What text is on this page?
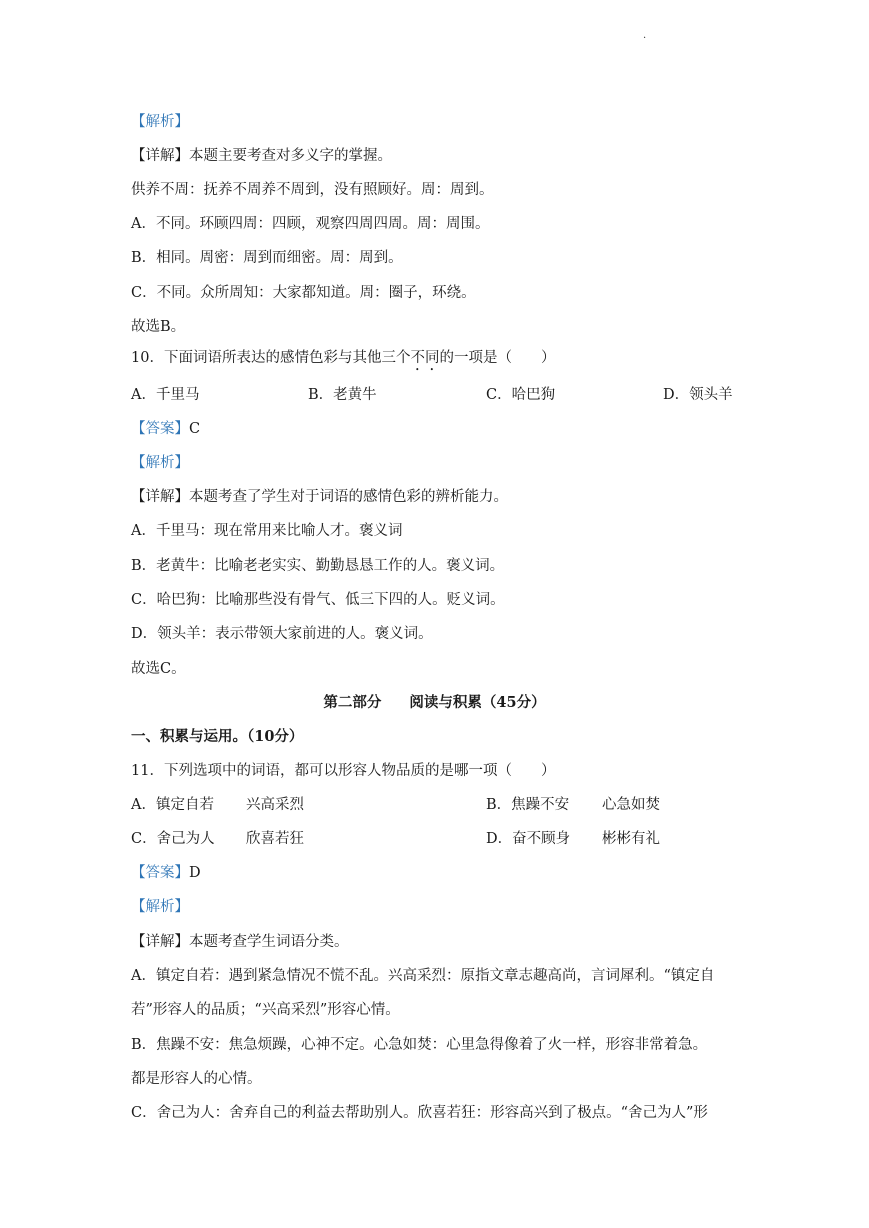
.
【解析】
【详解】本题主要考查对多义字的掌握。
供养不周：抚养不周养不周到，没有照顾好。周：周到。
A．不同。环顾四周：四顾，观察四周四周。周：周围。
B．相同。周密：周到而细密。周：周到。
C．不同。众所周知：大家都知道。周：圈子，环绕。
故选B。
10．下面词语所表达的感情色彩与其他三个不同的一项是（　　）
A．千里马	B．老黄牛	C．哈巴狗	D．领头羊
【答案】C
【解析】
【详解】本题考查了学生对于词语的感情色彩的辨析能力。
A．千里马：现在常用来比喻人才。褒义词
B．老黄牛：比喻老老实实、勤勤恳恳工作的人。褒义词。
C．哈巴狗：比喻那些没有骨气、低三下四的人。贬义词。
D．领头羊：表示带领大家前进的人。褒义词。
故选C。
第二部分 阅读与积累（45分）
一、积累与运用。（10分）
11．下列选项中的词语，都可以形容人物品质的是哪一项（　　）
A．镇定自若 兴高采烈	B．焦躁不安 心急如焚
C．舍己为人 欣喜若狂	D．奋不顾身 彬彬有礼
【答案】D
【解析】
【详解】本题考查学生词语分类。
A．镇定自若：遇到紧急情况不慌不乱。兴高采烈：原指文章志趣高尚，言词犀利。“镇定自
若”形容人的品质；“兴高采烈”形容心情。
B．焦躁不安：焦急烦躁，心神不定。心急如焚：心里急得像着了火一样，形容非常着急。
都是形容人的心情。
C．舍己为人：舍弃自己的利益去帮助别人。欣喜若狂：形容高兴到了极点。“舍己为人”形
